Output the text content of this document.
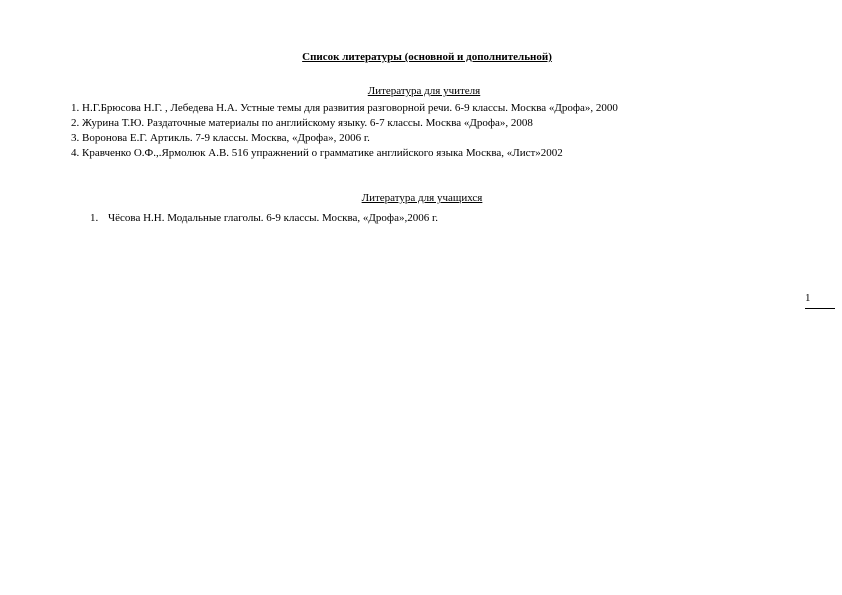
Список литературы (основной и дополнительной)
Литература для учителя
1. Н.Г.Брюсова Н.Г. , Лебедева Н.А. Устные темы для развития разговорной речи. 6-9 классы. Москва «Дрофа», 2000
2. Журина Т.Ю. Раздаточные материалы по английскому языку. 6-7 классы. Москва «Дрофа», 2008
3. Воронова Е.Г. Артикль. 7-9 классы. Москва, «Дрофа», 2006 г.
4. Кравченко О.Ф.,.Ярмолюк А.В. 516 упражнений о грамматике английского языка Москва, «Лист»2002
Литература для учащихся
1. Чёсова Н.Н. Модальные глаголы. 6-9 классы. Москва, «Дрофа»,2006 г.
1
